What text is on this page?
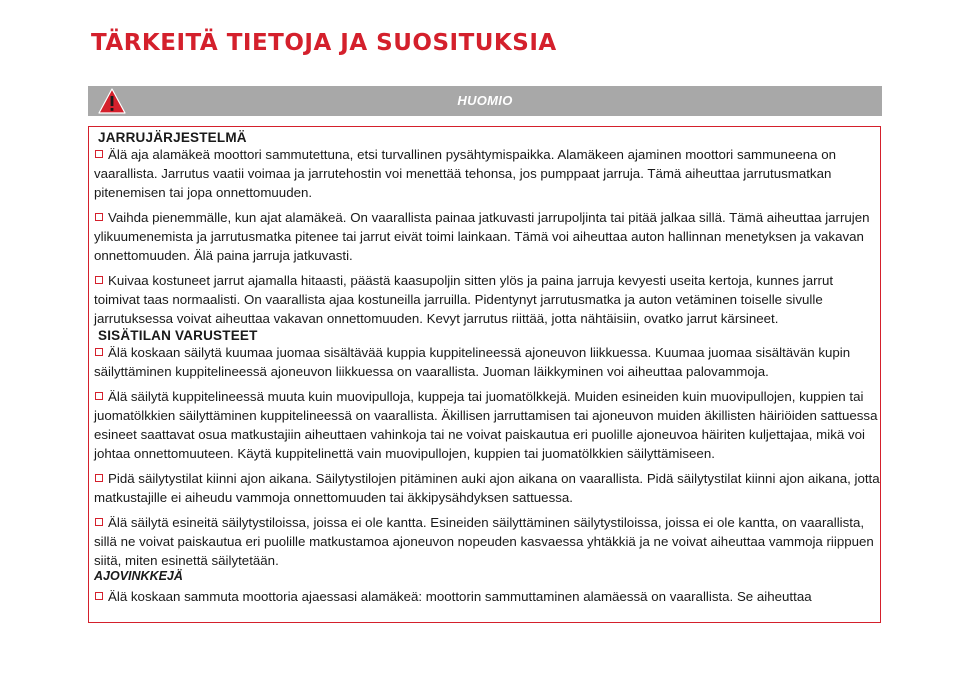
TÄRKEITÄ TIETOJA JA SUOSITUKSIA
HUOMIO
JARRUJÄRJESTELMÄ

Älä aja alamäkeä moottori sammutettuna, etsi turvallinen pysähtymispaikka. Alamäkeen ajaminen moottori sammuneena on vaarallista. Jarrutus vaatii voimaa ja jarrutehostin voi menettää tehonsa, jos pumppaat jarruja. Tämä aiheuttaa jarrutusmatkan pitenemisen tai jopa onnettomuuden.

Vaihda pienemmälle, kun ajat alamäkeä. On vaarallista painaa jatkuvasti jarrupoljinta tai pitää jalkaa sillä. Tämä aiheuttaa jarrujen ylikuumenemista ja jarrutusmatka pitenee tai jarrut eivät toimi lainkaan. Tämä voi aiheuttaa auton hallinnan menetyksen ja vakavan onnettomuuden. Älä paina jarruja jatkuvasti.

Kuivaa kostuneet jarrut ajamalla hitaasti, päästä kaasupoljin sitten ylös ja paina jarruja kevyesti useita kertoja, kunnes jarrut toimivat taas normaalisti. On vaarallista ajaa kostuneilla jarruilla. Pidentynyt jarrutusmatka ja auton vetäminen toiselle sivulle jarrutuksessa voivat aiheuttaa vakavan onnettomuuden. Kevyt jarrutus riittää, jotta nähtäisiin, ovatko jarrut kärsineet.

SISÄTILAN VARUSTEET

Älä koskaan säilytä kuumaa juomaa sisältävää kuppia kuppitelineessä ajoneuvon liikkuessa. Kuumaa juomaa sisältävän kupin säilyttäminen kuppitelineessä ajoneuvon liikkuessa on vaarallista. Juoman läikkyminen voi aiheuttaa palovammoja.

Älä säilytä kuppitelineessä muuta kuin muovipulloja, kuppeja tai juomatölkkejä. Muiden esineiden kuin muovipullojen, kuppien tai juomatölkkien säilyttäminen kuppitelineessä on vaarallista. Äkillisen jarruttamisen tai ajoneuvon muiden äkillisten häiriöiden sattuessa esineet saattavat osua matkustajiin aiheuttaen vahinkoja tai ne voivat paiskautua eri puolille ajoneuvoa häiriten kuljettajaa, mikä voi johtaa onnettomuuteen. Käytä kuppitelinettä vain muovipullojen, kuppien tai juomatölkkien säilyttämiseen.

Pidä säilytystilat kiinni ajon aikana. Säilytystilojen pitäminen auki ajon aikana on vaarallista. Pidä säilytystilat kiinni ajon aikana, jotta matkustajille ei aiheudu vammoja onnettomuuden tai äkkipysähdyksen sattuessa.

Älä säilytä esineitä säilytystiloissa, joissa ei ole kantta. Esineiden säilyttäminen säilytystiloissa, joissa ei ole kantta, on vaarallista, sillä ne voivat paiskautua eri puolille matkustamoa ajoneuvon nopeuden kasvaessa yhtäkkiä ja ne voivat aiheuttaa vammoja riippuen siitä, miten esinettä säilytetään.

AJOVINKKEJÄ

Älä koskaan sammuta moottoria ajaessasi alamäkeä: moottorin sammuttaminen alamäessä on vaarallista. Se aiheuttaa
